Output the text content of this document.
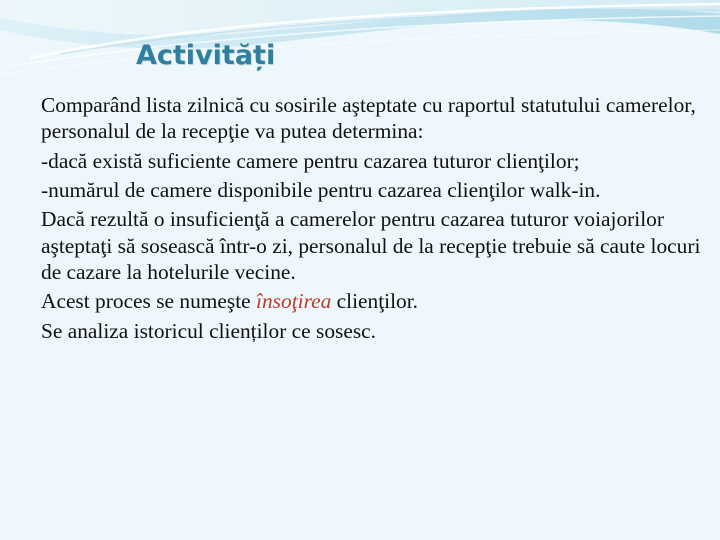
Activități

Comparând lista zilnică cu sosirile aşteptate cu raportul statutului camerelor, personalul de la recepţie va putea determina:

-dacă există suficiente camere pentru cazarea tuturor clienţilor;

-numărul de camere disponibile pentru cazarea clienţilor walk-in.

Dacă rezultă o insuficienţă a camerelor pentru cazarea tuturor voiajorilor aşteptaţi să sosească într-o zi, personalul de la recepţie trebuie să caute locuri de cazare la hotelurile vecine.

Acest proces se numeşte însoţirea clienţilor.

Se analiza istoricul clienților ce sosesc.
